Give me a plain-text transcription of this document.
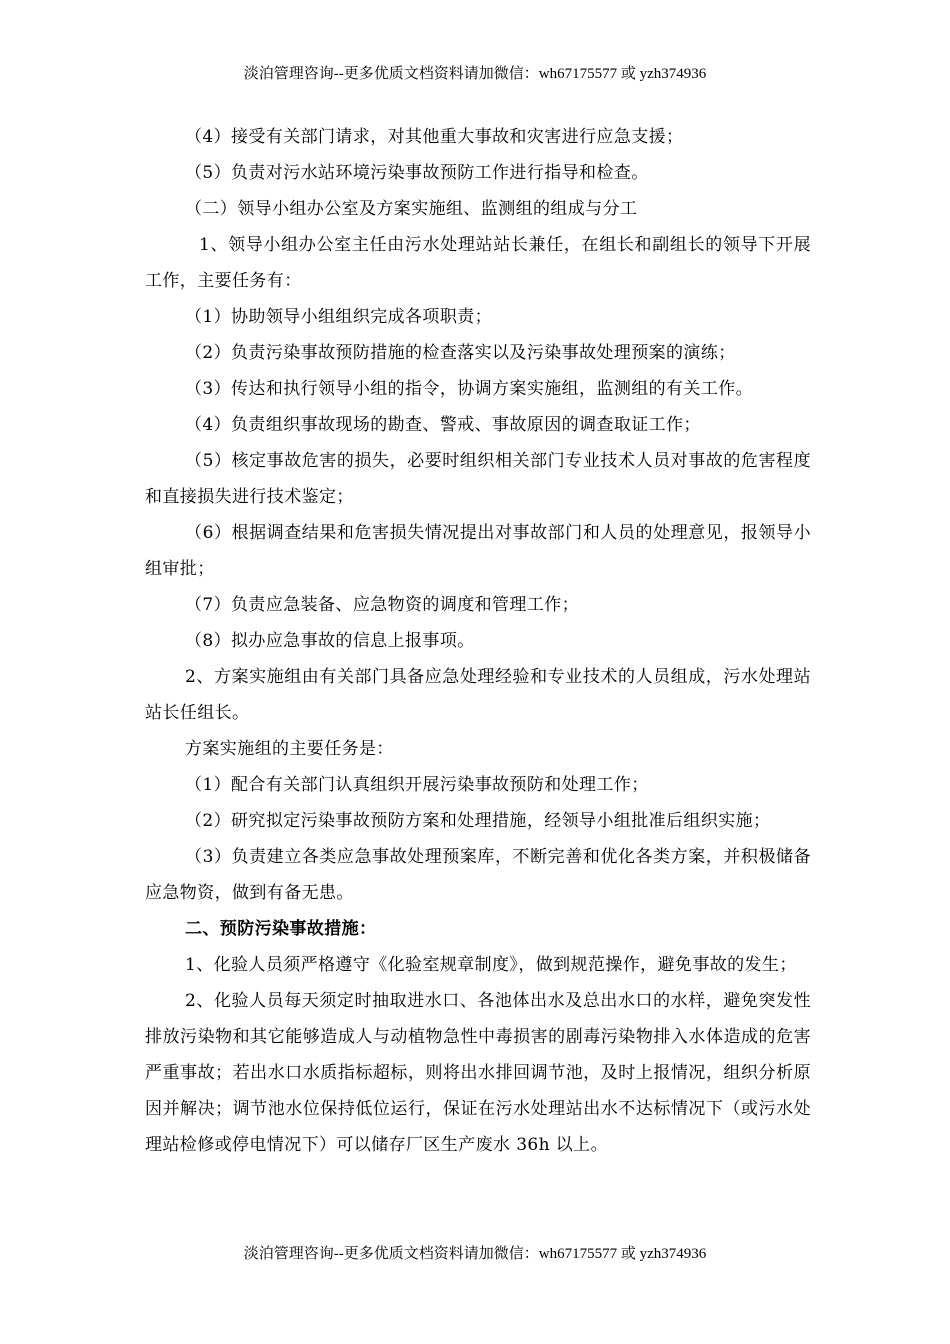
淡泊管理咨询--更多优质文档资料请加微信：wh67175577 或 yzh374936

（4）接受有关部门请求，对其他重大事故和灾害进行应急支援；

（5）负责对污水站环境污染事故预防工作进行指导和检查。

（二）领导小组办公室及方案实施组、监测组的组成与分工

1、领导小组办公室主任由污水处理站站长兼任，在组长和副组长的领导下开展工作，主要任务有：

（1）协助领导小组组织完成各项职责；

（2）负责污染事故预防措施的检查落实以及污染事故处理预案的演练；

（3）传达和执行领导小组的指令，协调方案实施组，监测组的有关工作。

（4）负责组织事故现场的勘查、警戒、事故原因的调查取证工作；

（5）核定事故危害的损失，必要时组织相关部门专业技术人员对事故的危害程度和直接损失进行技术鉴定；

（6）根据调查结果和危害损失情况提出对事故部门和人员的处理意见，报领导小组审批；

（7）负责应急装备、应急物资的调度和管理工作；

（8）拟办应急事故的信息上报事项。

2、方案实施组由有关部门具备应急处理经验和专业技术的人员组成，污水处理站站长任组长。

方案实施组的主要任务是：

（1）配合有关部门认真组织开展污染事故预防和处理工作；

（2）研究拟定污染事故预防方案和处理措施，经领导小组批准后组织实施；

（3）负责建立各类应急事故处理预案库，不断完善和优化各类方案，并积极储备应急物资，做到有备无患。

二、预防污染事故措施：

1、化验人员须严格遵守《化验室规章制度》，做到规范操作，避免事故的发生；

2、化验人员每天须定时抽取进水口、各池体出水及总出水口的水样，避免突发性排放污染物和其它能够造成人与动植物急性中毒损害的剧毒污染物排入水体造成的危害严重事故；若出水口水质指标超标，则将出水排回调节池，及时上报情况，组织分析原因并解决；调节池水位保持低位运行，保证在污水处理站出水不达标情况下（或污水处理站检修或停电情况下）可以储存厂区生产废水 36h 以上。

淡泊管理咨询--更多优质文档资料请加微信：wh67175577 或 yzh374936
